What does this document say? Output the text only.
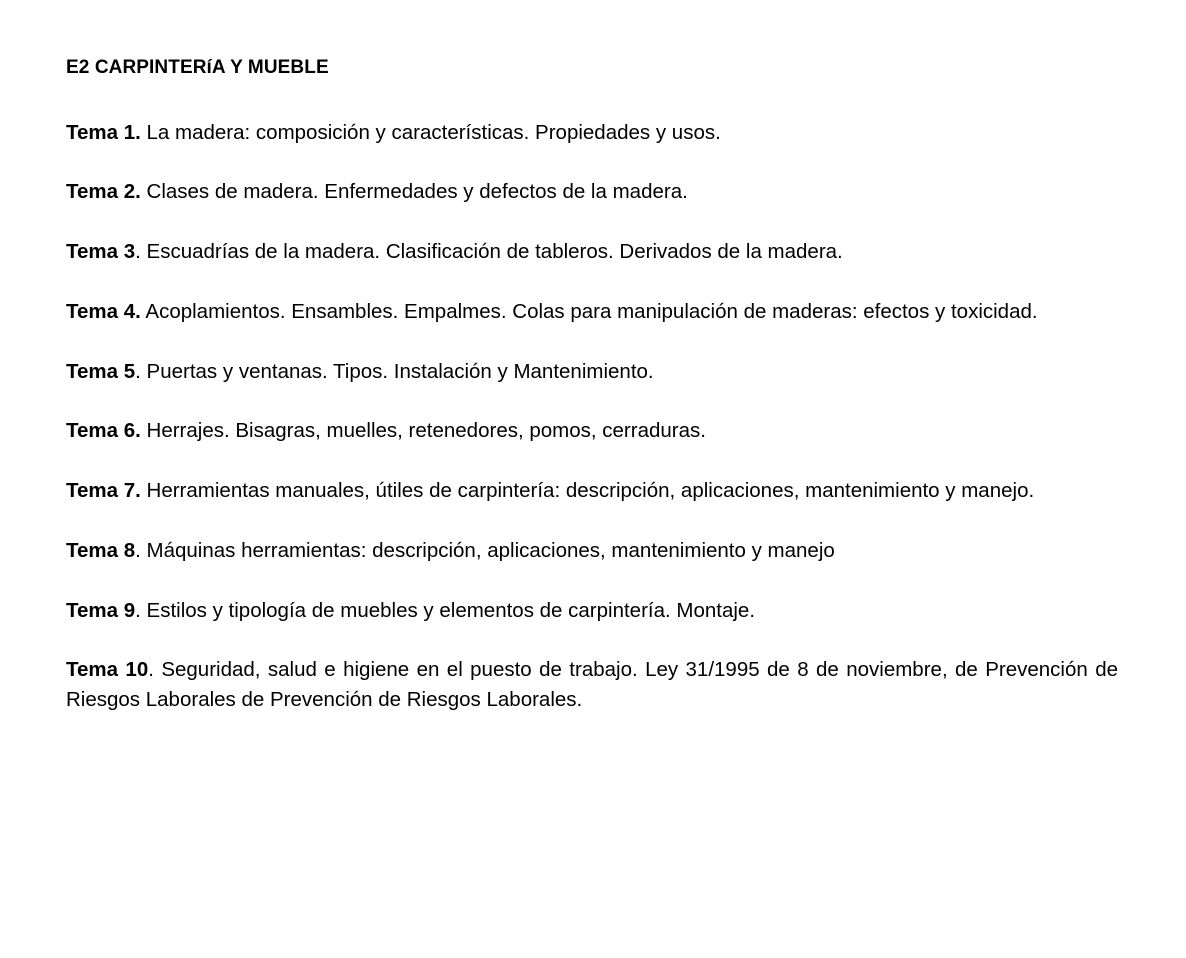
E2 CARPINTERíA Y MUEBLE

Tema 1. La madera: composición y características. Propiedades y usos.

Tema 2. Clases de madera. Enfermedades y defectos de la madera.

Tema 3. Escuadrías de la madera. Clasificación de tableros. Derivados de la madera.

Tema 4. Acoplamientos. Ensambles. Empalmes. Colas para manipulación de maderas: efectos y toxicidad.

Tema 5. Puertas y ventanas. Tipos. Instalación y Mantenimiento.

Tema 6. Herrajes. Bisagras, muelles, retenedores, pomos, cerraduras.

Tema 7. Herramientas manuales, útiles de carpintería: descripción, aplicaciones, mantenimiento y manejo.

Tema 8. Máquinas herramientas: descripción, aplicaciones, mantenimiento y manejo

Tema 9. Estilos y tipología de muebles y elementos de carpintería. Montaje.

Tema 10. Seguridad, salud e higiene en el puesto de trabajo. Ley 31/1995 de 8 de noviembre, de Prevención de Riesgos Laborales de Prevención de Riesgos Laborales.
